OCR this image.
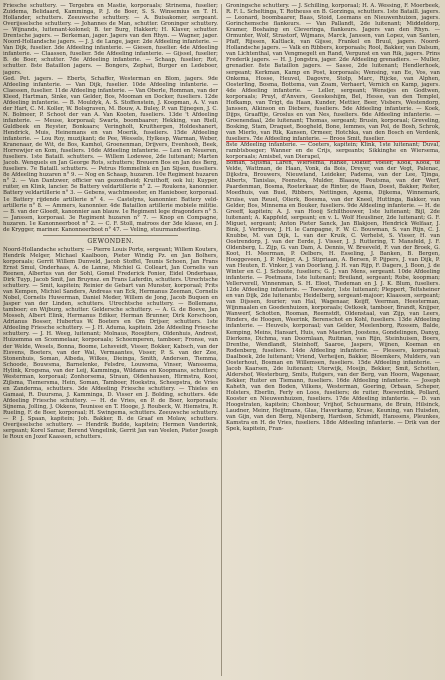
Friesche schuttery. — Tergebra en Mastie, korporaals; Strinema, fuselier; Zuidema, Belidaard, Kamminga, P. J. de Boer, S. S. Winsemius en T. H. Hollander, schutters. Zeeuwsche schuttery. — A. Buisakomer, sergeant. Overijsselsche schuttery. — Johannes de Man, schutter. Groninger schuttery. — Wijnands, luitenant-kolonel; B. ter Burg, Hakkert; H. Klaver, schutter. Drentsche jagers. — Berkeman, jager. Jagers van den Rhyn. — Wagner, jager. Noord-Hollandsche jagers. — J. J. de Lange, jager. 2de Afdeeling infanterie. — Van Dijk, fuselier. 3de Afdeeling infanterie. — Giesen, fuselier. 4de Afdeeling infanterie. — Claassen, fuselier. 5de Afdeeling infanterie. — Gijssel, fuselier; B. de Boer, schutter. 7de Afdeeling infanterie. — Schaap, fuselier; Rot, schutter. 8ste Bataillon jagers. — Bongers, Zephat, Burger en Ledeboer, jagers.

Ged. Pet. jagers. — Eberts, Schaffer, Westerman en Blom, jagers. 9de Afdeeling infanterie. — Van Dijk, fuselier. 10de Afdeeling infanterie. — Claessen, fuselier. 11de Afdeeling infanterie. — Van Oberle, Romman, van der Kleed, Hartman, Sinke, van Gelder, Bos, Mooman en Docker, fuseliers. 12de Afdeeling infanterie. — B. Mouldyk, A. S. Stoffenstein, J. Koopman, A. V. van der Hart, C. M. Koller, W. Bolsgraven, M. Bouw, A. Buley, P. van Eijnegen, J. C. N. Bolmeer, P. Schoot der van A. Van Kooten, fuseliers. 13de 't Afdeeling infanterie. — Meuse, korporaal; Swarts, boombaarer; Hekking, van Riell, Guldbeek en Reyster, Bonkaars; Veringholt, Kruithergen, Holdeshanert, Hendrick, Muis, Heinemans en van Moerik, fuseliers. 15de Afdeeling infanterie. — Lou Roy, muzijkant; de Pee, Wessels, Hylkesp, Warman, Weber, Kranenaar, de Wit, de Bos, Kamhol, Groenenman, Drijvers, Evenhooh, Beek, Horrewijer en Kom, fuseliers. 16de Afdeeling infanterie. — Lexi en Neueren, fuseliers. 1ste Bataill. schutters. — Willem Lodewee, 2de luitenant; Marten Jacob. Wenquels en Jan George Rots, schutters; Breuern Bos en Jan des Berg, fuseliers. 7e Bataill. schutters. — Petrus Hommelink en Jan Sijsen, fuseliers. 8e Afdeeling huzaren n° 9. — Nog en Schaap, huzaren. 10e Regiment huzaren n° 2. — Van Dantzwer, officier van gezondheid; Kruithoff, ook lui; Kuyper, ruiter, en Klink, lancier. 5e Battery veldartillerie n° 2. — Roukens, kanonnier. Battery veldartillerie n° 3. — Gebens, wachtmeester, en Hanieboer, korporaal. 1e Battery rijdende artillerie n° 4. — Castelyns, kanonnier. Battery veld-artillerie n° 8. — Ammers, kanonnier. 4de Bataillon artillerie mobiele militie. — B. van der Gloedt, kanonnier aan blauw. 1e Regiment lege dragonders n° 5. — Janssen, korporaal. 3e Regiment huzaren n° 7. — Knop en Compagne, huzaren. 1e Kanonneerboot n° 2. — C. F. Stoll, matroos der 3de klasse, en J. de Krygger, mariner. Kanonneerboot n° 47. — Veling, stuurmandserling.

GEWONDEN.

Noord-Hollandsche schuttery. — Pierre Louis Porte, sergeant; Willem Kouters, Hendrik Melger, Michael Kaalboon, Pieter Windig Pz. en Jan Bolhers, korporaals; Gerrit Willem Dunveld, Jacob Stoffel, Teunis Schoen, Jan Frans Ernst Smul, Onderhaas, A. de Lanne, Michiel G. Colleart, Jan Cornelis van Reenen, Albertus van der Sohl, Gomel Frederick Fonier, Eidel Onderhaas, Dirk Tuyp, Jacob Smit, Jan Bruynsz. en Frans Laferdin, schutters. Utrechtsche schuttery. — Smit, kapitein; Reinier de Gebart van Munster, korporaal; Frits van Kempen, Michiel Sanders, Andreas van Eck, Hermanus Zeeman, Cornelis Nobel, Cornelis Huwerman, Daniel Meder, Willem de Jong, Jacob Buquen en Jasper van der Linden, schutters. Utrechtsche schuttery. — Bollemans, tamboer; en Wijburg, schutter. Geldersche schuttery. — A. G. de Boeve, Jan Mosseh, Albert Elink, Hermanus Ediker, Herman Brunner, Dirk Korschoon, Adrianus Bosser, Hubertus W. Boeters en Om Drijser, schutters. 1ste Afdeeling Friesche schuttery. — J. H. Aduma, kapitein. 2de Afdeeling Friesche schuttery. — J. H. Weeg, luitenant; Molnaus, Roosjiters, Oldenhuis, Andrest, Huizemma en Scommelaar, korporaals; Schoemperen, tamboer; Fronse, van der Welde, Wesels, Bonna, Boome, Lehsveidt, Visser, Bokker, Kabsch, van der Eisvens, Boeters, van der Wal, Vermaantes, Visser, P. S. van der Zee, Stonenhuis, Soman, Albeda, Wilkes, Dieinga, Smith, Andersen, Tiemma, Schoode, Bouwsma, Barnelenke, Felsdre, Louwsma, Vinser, Wanssema, Hylink, Krogsma, van der Leij, Kamminga, Wildama en Koopmans, schutters; Westerman, korporaal; Zonhorsema, Straun, Oldenhausen, Hirmstra, Kooi, Zijlsma, Tiemersma, Hein, Soman, Tamboer, Hoekstra, Scheepstra, de Vries en Zanderma, schutters. 3de Afdeeling Friesche schuttery. — Thieles en Gamaai, R. Duursma, J. Kamminga, D. Visser en J. Bolding, schutters. 4de Afdeeling Friesche schuttery. — H. de Vries, en P. de Boer, korporaals; Sijnema, Jolling, J. Okkens, Teunisse en T. Hooge, J. Roubeck, W. Hiemstra, R. Rueling, F. de Boer, korporaal; H. Swingema, schutters. Zeeuwsche schuttery. — P. J. Spaan, kapitein; Joh. Bakker, B. de Graaf en Molaw, schutters. Overijsselsche schuttery. — Hendrik Budde, kapitein; Hermen Vanderink, sergeant; Korel Samar, Berend Vengelink, Gerrit Jan van Veelen, Pieter Joseph le Roux en Jozef Kaassen, schutters.

Groningsche schuttery. — J. Schilling, korporaal; H. A. Wessing, F. Moerbeek, R. F. L. Scheltinga, T. Rotheuss en B. Gorzinga, schutters. 1ste Bataill. jagers. — Leonard, boombaarer, Baas, Stoid, Leemans en Nieuwenhuizen, jagers. Gorinchemsche flankeurs. — Van Pallandt, 2de luitenant; Middeldorp, Kramer, Boshaing en Cleveringa, flankeurs. Jagers van den Rhyn. — Ormunter, Wolf, Strastorf, Wijmans, Marck, Janssen, van Lopez, van Santen, Pfaff, Rijssen, Kaltlack, van Gijsse, Frankel en Bruul, jagers. Noord-Hollandsche jagers. — Valk en Ribbers, korporaals; Rool, Bakker, van Dalsum, van Lichtenthal, van Vengmegelt en Rand, Vergunst en van Rik, jagers. Prins Frederik jagers. — H. J. Jongstra, jager. 2de Afdeeling grenadiers. — Muller, grenadier. 8ste Bataillon jagers. — Sasse, 2de luitenant; Hendlerhoek, sergeant; Kerkman, Kamp en Post, korporaals; Wensing, van Ee, Vos, van Onkema, Hosse, Heuvel, Dagovre, Stolp, Marc, Rijcke, van Alphen, Oosterling, Bosma, Bottema, van Zoam, Verhaert, Vernich en Kamp, jagers. 4de Afdeeling infanterie. — Leller, sergeant; Wensijes en Godtwen, korporaals; Pruyl, d'Anvers, Geeskeshijm, Bel, Hesse, van den Templel, Hofkamp, van Trigt, da Haan, Kunder, Mettier, Beer, Visbers, Westendorp, Janssen, Alkinson en Diebers, fuseliers. 5de Afdeeling infanterie. — Koek, Dijps, Graaffije, Groslus en van Nes, fuseliers. 6de Afdeeling infanterie. — Groenendaal, 2de luitenant; Thomas, sergeant; Brusin, korporaal; Greveling, Bosking, Stam, Draquet, Boogheld, Bone, Iemmes, van Pol, de Bosh, Schrok, van Mierlo, van Rik, Kansen, Ormeer, Hotchka, van den Bosch en Verdenk, fuseliers. 7de Afdeeling infanterie. — Broos Smit, fuselier.

8ste Afdeeling infanterie. — Coeters, kapitein; Klink, 1ste luitenant; Duval, rambtsboeger; Wanner en de Crijs, sergeants; Sikkinghe en Wiersema, korporaals; Amisbel, van Dierapel,

Boman, Sijtsma, Laren, Wiersema, Ranke, Dokter, Voeler, Kook, Kook, te Velde, Wattman, de Haan, Vonk, da Bois, Dreyer, van der Vegt, Palenac, Dijkstra, Brouwers, Nieuwland, Leideker, Padema, van der Lee, Tjinga, Alberts, Tanislas, Feenstra, Mulder, Blaauw, Poutsma, van der Werf, Paardenman, Bosma, Roeterkaar, de Rinter, de Haan, Doest, Bakker, Reiter, Moedhuis, van Buel, Ribbers, Nettingen, Agema, Dijkema, Winnemark, Kruise, van Reuel, Olierk, Boesma, van der Kneel, Huttinga, Bakker, van Gelder, Bos, Minnema en Bouker, fuseliers. 9de Afdeeling infanterie. — H. de Greeff, kapitein; A. J. van Hooij Schilthouwer, 1ste luitenant; Bijl, 2de luitenant; A. Kappfeld, sergeant; en v. L. Wolf Heusliner, 2de luitenant; G. F. Miguet, sergeant; Anton Pieter Sanck, Jan Blakjoen, Hendrick Welfaar, J. Bink, J. Verbrouw, J. H. le Campagne, F. W. C. Bouwman, S. van Rijn, C. J. Knubbe, M. van Dijk, L. van der Kruik, C. Verhelst, S. Visser, H. van Oostrendorp, J. van der Eerde, J. Visser, J. J. Ruttering, T. Mansfeld, J. F. Oldenberg, L. Zijp, G. van Dam, A. Dennis, W. Breeveld, F. van der Broek, G. Koot, H. Meerman, P. Oelbers, H. Esseling, J. Banken, B. Bergen, Hooggeveen, J. P. Meijer, A. J. Stipriaan, A. Bersen, P. Pijpers, J. van Dijk, P. van Heuten, E. Vinker, J. van Doorlang, J. H. van Rijp, F. Dagers, J. Boon, J. de Winter en C. J. Schoute, fuseliers; G. J. van Mens, sergeant. 10de Afdeeling infanterie. — Poetmans, 1ste luitenant; Breiland, sergeant; Robe, koopman; Vellerverell, Vinnenman, S. H. Eloot, Tiedeman en J. J. K. Blum, fuseliers. 12de Afdeeling infanterie. — Toewater, 1ste luitenant; Pleppert, Teltsheiner en van Dijk, 2de luitenants; Heidelberg, sergeant-majoor; Klaassen, sergeant; van Dijssen, fourier; van Hal, Wagenaar, Keijff, Veerman, Heesterman, Wijnmaalen en Goedenhuizen, korporaals; Ostkoek, tamboer, Brandt, Knijper, Wanwerf, Schotten, Rooman, Reemstdt, Oldenstaal, van Zijp, van Leers, Rinders, de Hoogen, Weerink, Berenschot en Kohl, fuseliers. 13de Afdeeling infanterie. — Heuvels, korporaal; van Gelder, Meelenborg, Rossem, Balde, Kemping, Meins, Hansart, Huis, van Maerlen, Joostens, Gondelingen, Danyg, Dierkens, Dichma, van Doornlaan, Ruitman, van Rijn, Steinhuisen, Boers, Drenthe, Wendlandt, Steinhoff, Saaroe, Jaspers, Wijnen, Koeman en Rodenberg, fuseliers. 14de Afdeeling infanterie. — Plessers, korporaal; Daalboek, 2de luitenant; Vriend, Verheijen, Bakker, Bloemkers, Mulders, van Oosterhout, Bosman en Willemsen, fuseliers. 15de Afdeeling infanterie. — Jacob Kaarsen, 2de luitenant; Uterwijk, Mosijn, Bekker, Smit, Schotten, Aldershof, Westerburg, Smits, Rutgers, van der Berg, van Hoorn, Wagenaar, Bekker, Ruiter en Tiemann, fuseliers. 16de Afdeeling infanterie. — Joseph Kaheth, van den Boden, Vilkens, Westerman, Goering, Orbaan, Scheper, Holsters, Eberlin, Ferly en Loos, fuseliers; de ruiter, Roeverdink, Pollard, Kooster en Nieuwenhuizen, fuseliers. 17de Afdeeling infanterie. — D. van Hoogstraten, kapitein; Chonbour, Vrijhof, Schuurmans, de Bruin, Hilsinck, Laudner, Meinr, Heijtmans, Glas, Haverkamp, Kruse, Keuning, van Huisden, van Gijn, van den Berg, Nijenberg, Hardson, Schmidt, Hanssens, Pleunkes, Kamstra en H. de Vries, fuseliers. 18de Afdeeling infanterie. — Drik van der Spek, kapitein, Fran-
